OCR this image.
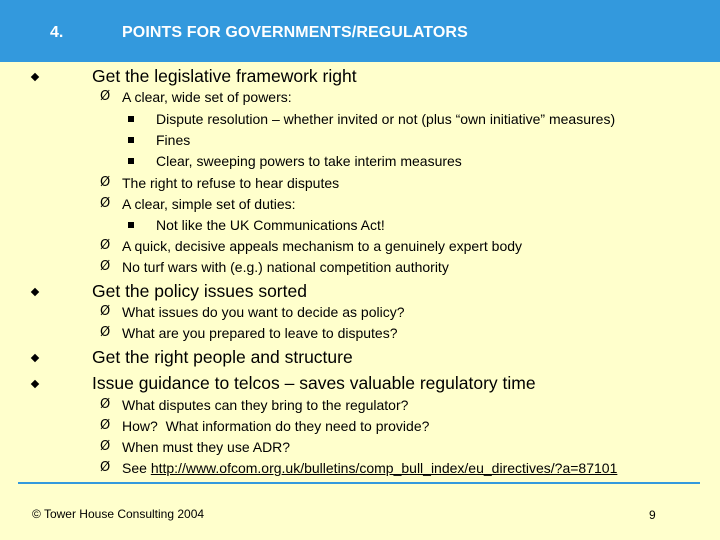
4.	POINTS FOR GOVERNMENTS/REGULATORS
Get the legislative framework right
Ø A clear, wide set of powers:
Dispute resolution – whether invited or not (plus “own initiative” measures)
Fines
Clear, sweeping powers to take interim measures
Ø The right to refuse to hear disputes
Ø A clear, simple set of duties:
Not like the UK Communications Act!
Ø A quick, decisive appeals mechanism to a genuinely expert body
Ø No turf wars with (e.g.) national competition authority
Get the policy issues sorted
Ø What issues do you want to decide as policy?
Ø What are you prepared to leave to disputes?
Get the right people and structure
Issue guidance to telcos – saves valuable regulatory time
Ø What disputes can they bring to the regulator?
Ø How?  What information do they need to provide?
Ø When must they use ADR?
Ø See http://www.ofcom.org.uk/bulletins/comp_bull_index/eu_directives/?a=87101
© Tower House Consulting 2004	9
